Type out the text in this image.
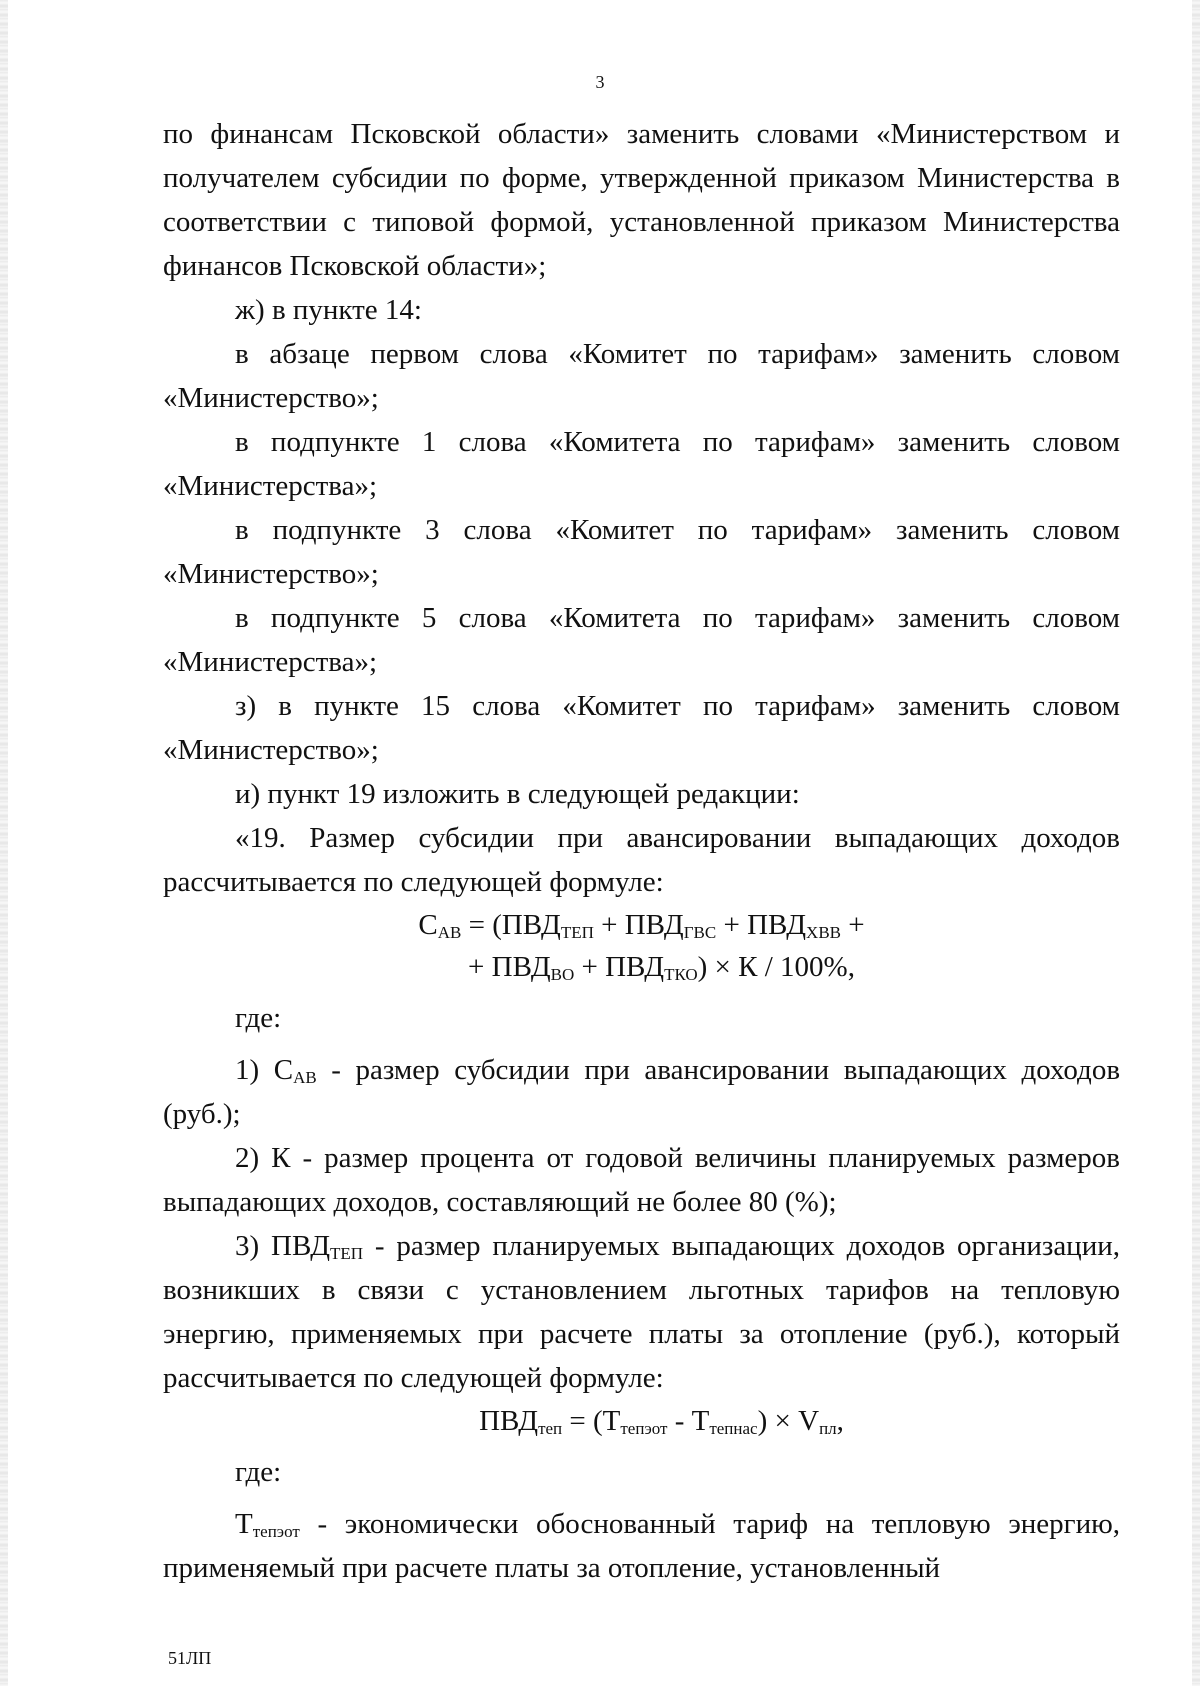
3

по финансам Псковской области» заменить словами «Министерством и получателем субсидии по форме, утвержденной приказом Министерства в соответствии с типовой формой, установленной приказом Министерства финансов Псковской области»;

ж) в пункте 14:

в абзаце первом слова «Комитет по тарифам» заменить словом «Министерство»;

в подпункте 1 слова «Комитета по тарифам» заменить словом «Министерства»;

в подпункте 3 слова «Комитет по тарифам» заменить словом «Министерство»;

в подпункте 5 слова «Комитета по тарифам» заменить словом «Министерства»;

з) в пункте 15 слова «Комитет по тарифам» заменить словом «Министерство»;

и) пункт 19 изложить в следующей редакции:

«19. Размер субсидии при авансировании выпадающих доходов рассчитывается по следующей формуле:

$С_{АВ} = (ПВД_{ТЕП} + ПВД_{ГВС} + ПВД_{ХВВ}$ +

+ $ПВД_{ВО} + ПВД_{ТКО}) \times К / 100\%$,

где:

1) $С_{АВ}$ - размер субсидии при авансировании выпадающих доходов (руб.);

2) К - размер процента от годовой величины планируемых размеров выпадающих доходов, составляющий не более 80 (%);

3) $ПВД_{ТЕП}$ - размер планируемых выпадающих доходов организации, возникших в связи с установлением льготных тарифов на тепловую энергию, применяемых при расчете платы за отопление (руб.), который рассчитывается по следующей формуле:

$ПВД_{теп} = (Т_{тепэот} - Т_{тепнас}) \times V_{пл}$,

где:

$Т_{тепэот}$ - экономически обоснованный тариф на тепловую энергию, применяемый при расчете платы за отопление, установленный

51ЛП
